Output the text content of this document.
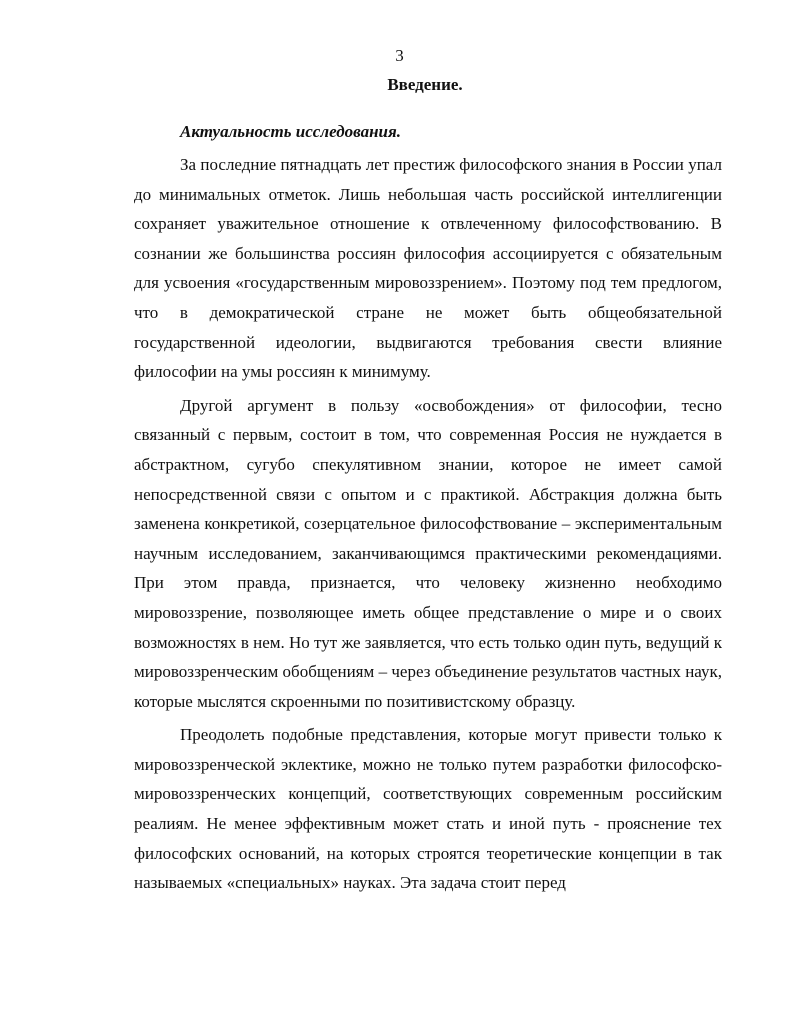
3
Введение.
Актуальность исследования.

За последние пятнадцать лет престиж философского знания в России упал до минимальных отметок. Лишь небольшая часть российской интеллигенции сохраняет уважительное отношение к отвлеченному философствованию. В сознании же большинства россиян философия ассоциируется с обязательным для усвоения «государственным мировоззрением». Поэтому под тем предлогом, что в демократической стране не может быть общеобязательной государственной идеологии, выдвигаются требования свести влияние философии на умы россиян к минимуму.

Другой аргумент в пользу «освобождения» от философии, тесно связанный с первым, состоит в том, что современная Россия не нуждается в абстрактном, сугубо спекулятивном знании, которое не имеет самой непосредственной связи с опытом и с практикой. Абстракция должна быть заменена конкретикой, созерцательное философствование – экспериментальным научным исследованием, заканчивающимся практическими рекомендациями. При этом правда, признается, что человеку жизненно необходимо мировоззрение, позволяющее иметь общее представление о мире и о своих возможностях в нем. Но тут же заявляется, что есть только один путь, ведущий к мировоззренческим обобщениям – через объединение результатов частных наук, которые мыслятся скроенными по позитивистскому образцу.

Преодолеть подобные представления, которые могут привести только к мировоззренческой эклектике, можно не только путем разработки философско-мировоззренческих концепций, соответствующих современным российским реалиям. Не менее эффективным может стать и иной путь - прояснение тех философских оснований, на которых строятся теоретические концепции в так называемых «специальных» науках. Эта задача стоит перед
